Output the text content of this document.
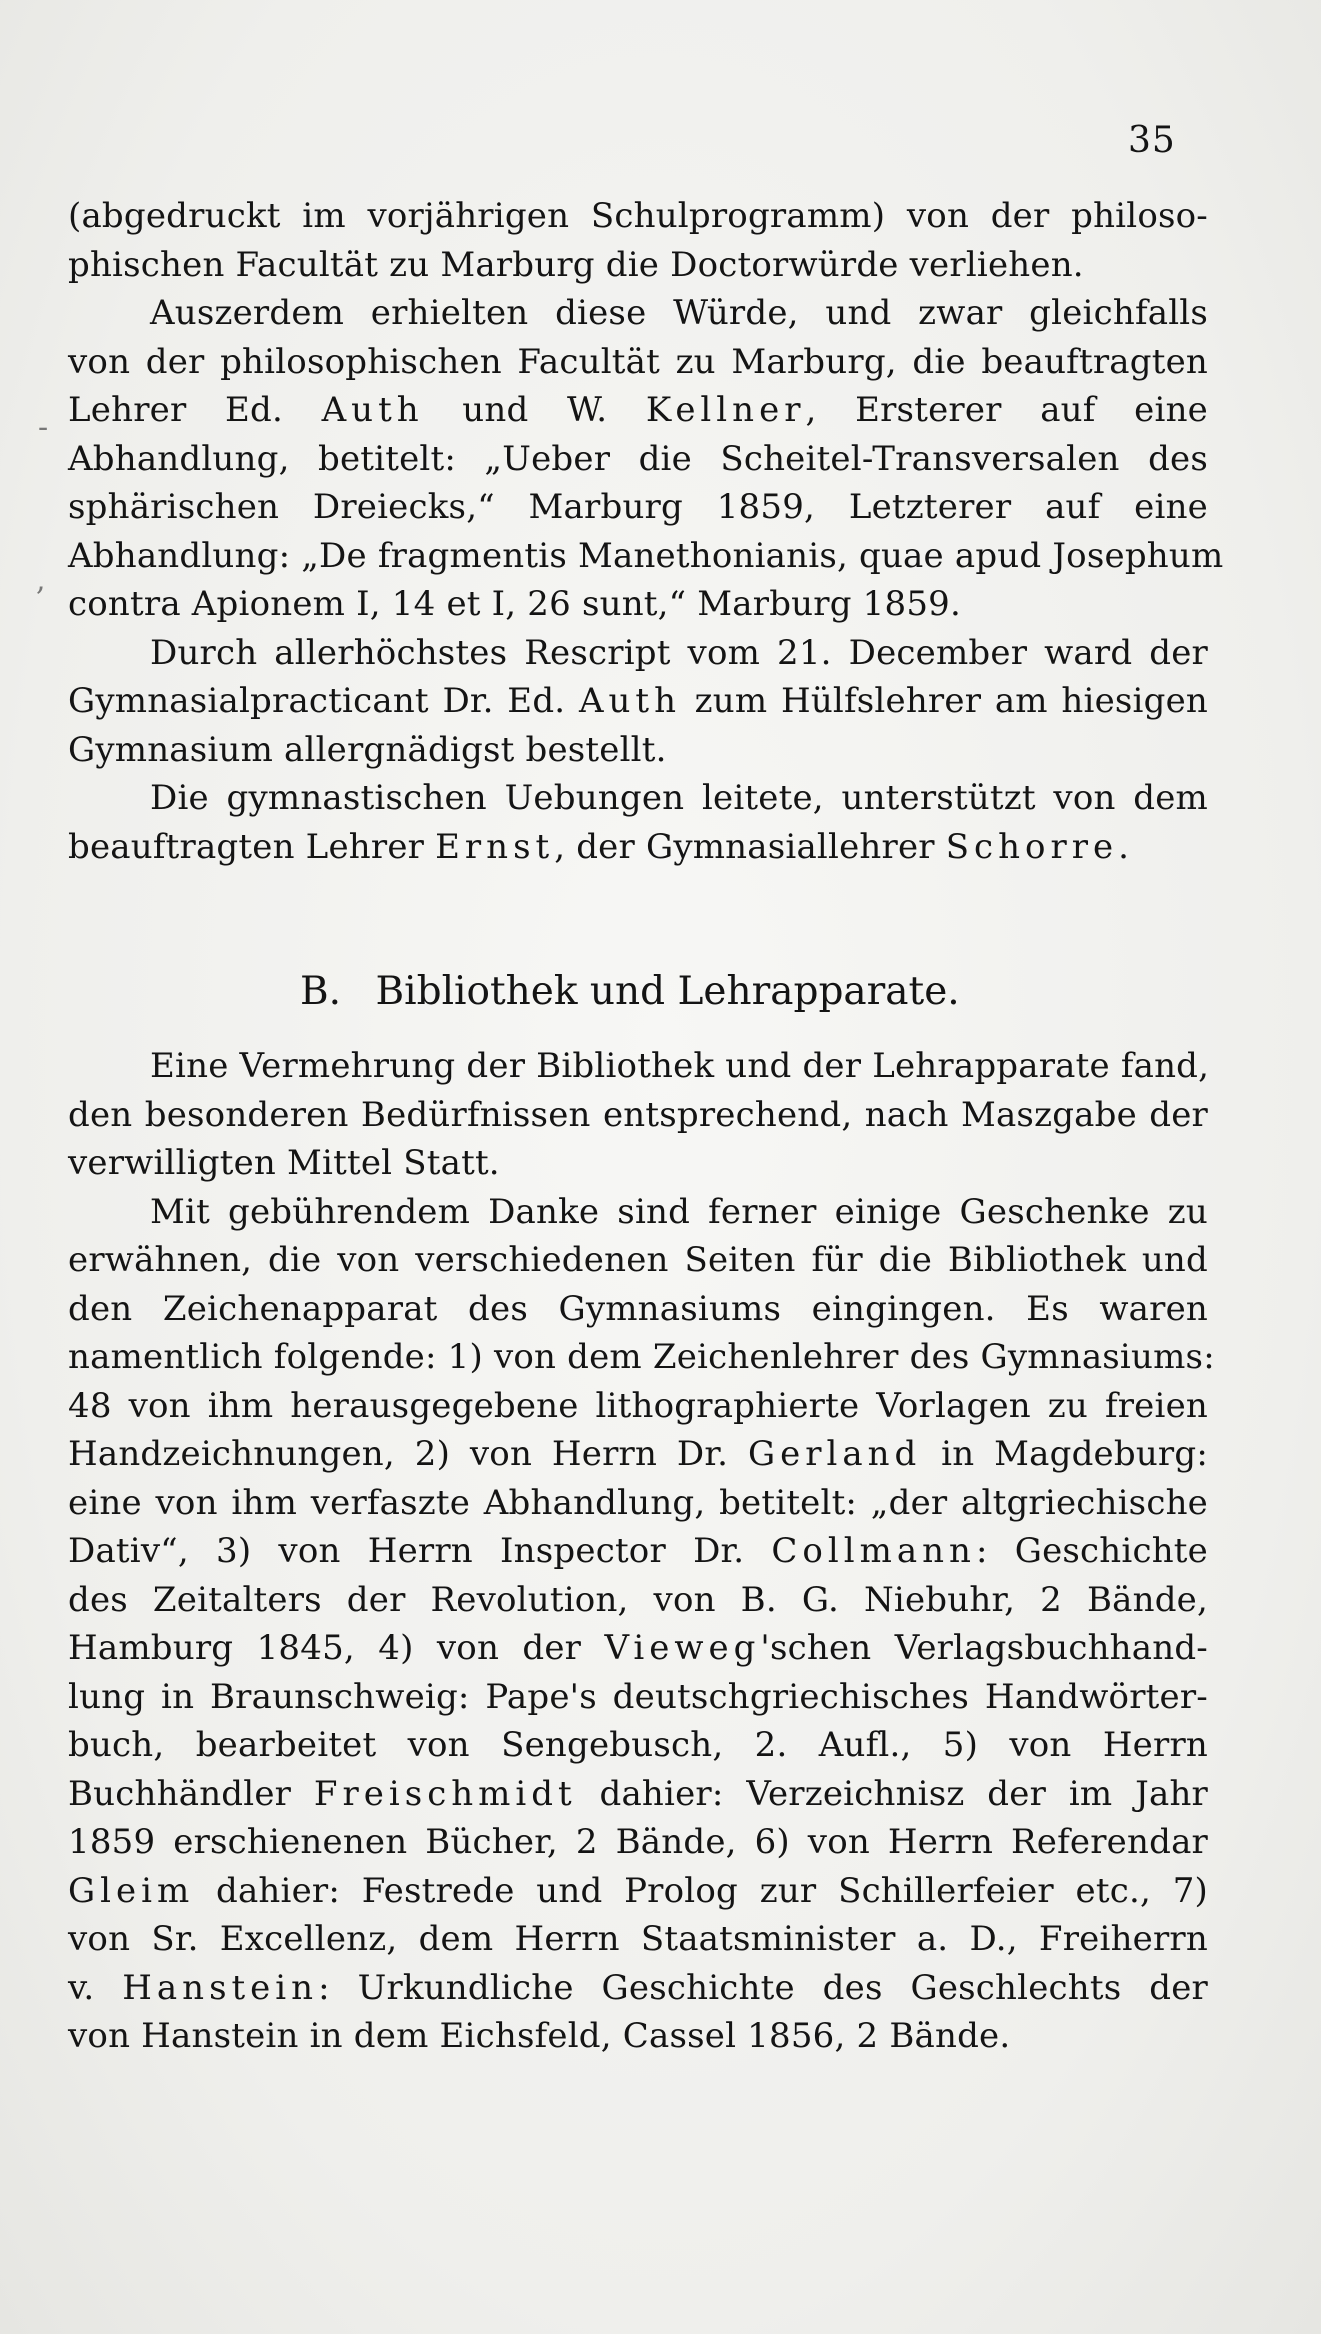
35
-
,
(abgedruckt im vorjährigen Schulprogramm) von der philoso-
phischen Facultät zu Marburg die Doctorwürde verliehen.
Auszerdem erhielten diese Würde, und zwar gleichfalls
von der philosophischen Facultät zu Marburg, die beauftragten
Lehrer Ed. Auth und W. Kellner, Ersterer auf eine
Abhandlung, betitelt: „Ueber die Scheitel-Transversalen des
sphärischen Dreiecks,“ Marburg 1859, Letzterer auf eine
Abhandlung: „De fragmentis Manethonianis, quae apud Josephum
contra Apionem I, 14 et I, 26 sunt,“ Marburg 1859.
Durch allerhöchstes Rescript vom 21. December ward der
Gymnasialpracticant Dr. Ed. Auth zum Hülfslehrer am hiesigen
Gymnasium allergnädigst bestellt.
Die gymnastischen Uebungen leitete, unterstützt von dem
beauftragten Lehrer Ernst, der Gymnasiallehrer Schorre.
B. Bibliothek und Lehrapparate.
Eine Vermehrung der Bibliothek und der Lehrapparate fand,
den besonderen Bedürfnissen entsprechend, nach Maszgabe der
verwilligten Mittel Statt.
Mit gebührendem Danke sind ferner einige Geschenke zu
erwähnen, die von verschiedenen Seiten für die Bibliothek und
den Zeichenapparat des Gymnasiums eingingen. Es waren
namentlich folgende: 1) von dem Zeichenlehrer des Gymnasiums:
48 von ihm herausgegebene lithographierte Vorlagen zu freien
Handzeichnungen, 2) von Herrn Dr. Gerland in Magdeburg:
eine von ihm verfaszte Abhandlung, betitelt: „der altgriechische
Dativ“, 3) von Herrn Inspector Dr. Collmann: Geschichte
des Zeitalters der Revolution, von B. G. Niebuhr, 2 Bände,
Hamburg 1845, 4) von der Vieweg'schen Verlagsbuchhand-
lung in Braunschweig: Pape's deutschgriechisches Handwörter-
buch, bearbeitet von Sengebusch, 2. Aufl., 5) von Herrn
Buchhändler Freischmidt dahier: Verzeichnisz der im Jahr
1859 erschienenen Bücher, 2 Bände, 6) von Herrn Referendar
Gleim dahier: Festrede und Prolog zur Schillerfeier etc., 7)
von Sr. Excellenz, dem Herrn Staatsminister a. D., Freiherrn
v. Hanstein: Urkundliche Geschichte des Geschlechts der
von Hanstein in dem Eichsfeld, Cassel 1856, 2 Bände.
